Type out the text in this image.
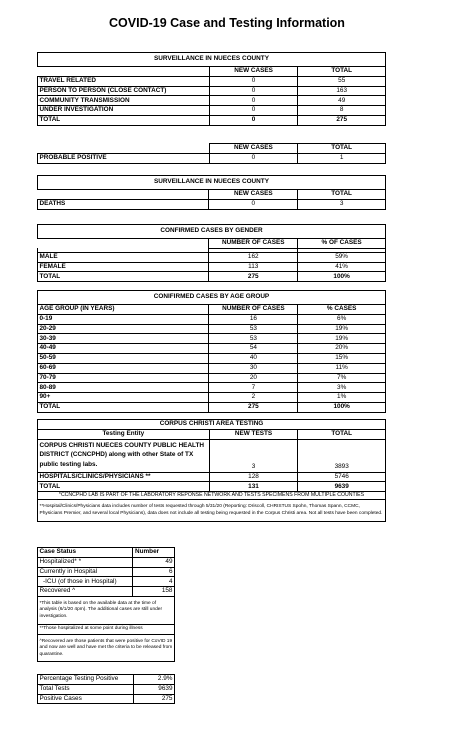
COVID-19 Case and Testing Information
SURVEILLANCE IN NUECES COUNTY		
	NEW CASES	TOTAL
TRAVEL RELATED	0	55
PERSON TO PERSON (CLOSE CONTACT)	0	163
COMMUNITY TRANSMISSION	0	49
UNDER INVESTIGATION	0	8
TOTAL	0	275
	NEW CASES	TOTAL
PROBABLE POSITIVE	0	1
SURVEILLANCE IN NUECES COUNTY		
	NEW CASES	TOTAL
DEATHS	0	3
CONFIRMED CASES BY GENDER		
	NUMBER OF CASES	% OF CASES

MALE	162	59%
FEMALE	113	41%
TOTAL	275	100%
CONIFIRMED CASES BY AGE GROUP		
AGE GROUP (IN YEARS)	NUMBER OF CASES	% CASES
0-19	16	6%
20-29	53	19%
30-39	53	19%
40-49	54	20%
50-59	40	15%
60-69	30	11%
70-79	20	7%
80-89	7	3%
90+	2	1%
TOTAL	275	100%
CORPUS CHRISTI AREA TESTING		
Testing Entity	NEW TESTS	TOTAL
CORPUS CHRISTI NUECES COUNTY PUBLIC HEALTH
DISTRICT (CCNCPHD) along with other State of TX
public testing labs.	3	3893
HOSPITALS/CLINICS/PHYSICIANS **	128	5746
TOTAL	131	9639
*CCNCPHD LAB IS PART OF THE LABORATORY REPONSE NETWORK AND TESTS SPECIMENS FROM MULTIPLE COUNTIES		
**Hospital/Clinics/Physicians data includes number of tests requested through 5/31/20 (Reporting: Driscoll, CHRISTUS Spohn, Thomas Spann, CCMC, Physicians Premier, and several local Physicians), data does not include all testing being requested in the Corpus Christi area. Not all tests have been completed.		
Case Status	Number
Hospitalized* *	49
Currently in Hospital	6
-ICU (of those in Hospital)	4
Recovered ^	158
*This table is based on the available data at the time of analysis (6/1/20 4pm). The additional cases are still under investigation.	
**Those hospitalized at some point during illness	
^Recovered are those patients that were positive for CoVID 19 and now are well and have met the criteria to be released from quarantine.	
Percentage Testing Positive	2.9%
Total Tests	9639
Positive Cases	275
